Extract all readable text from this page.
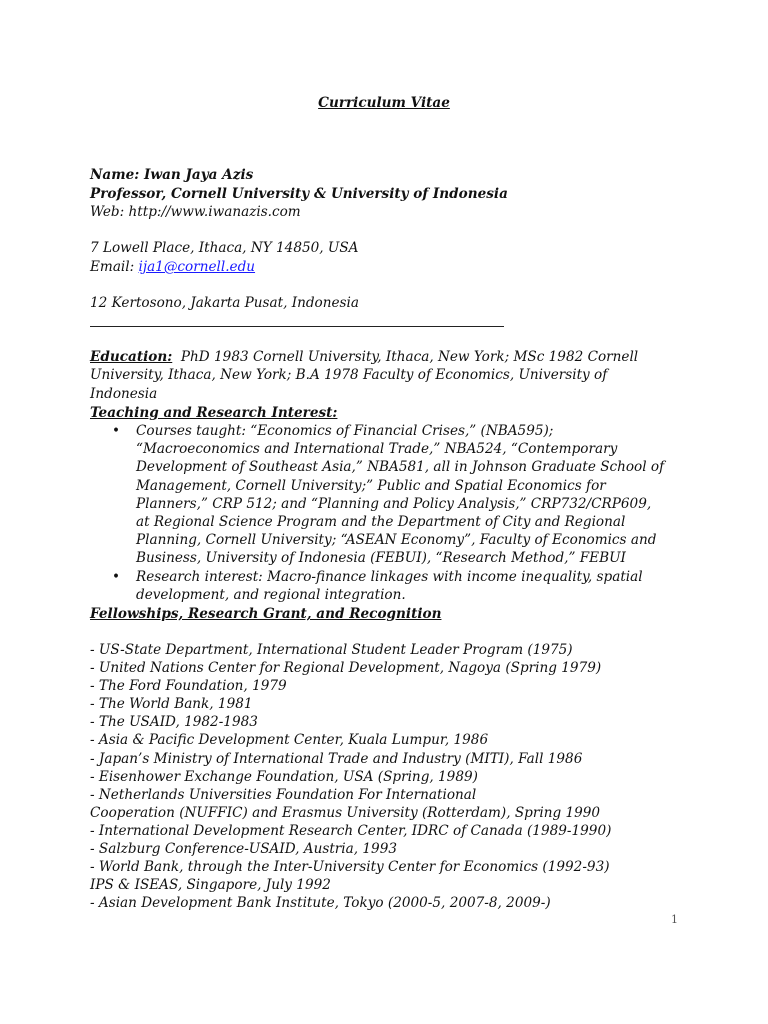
Curriculum Vitae
Name: Iwan Jaya Azis
Professor, Cornell University & University of Indonesia
Web: http://www.iwanazis.com
7 Lowell Place, Ithaca, NY 14850, USA
Email: ija1@cornell.edu
12 Kertosono, Jakarta Pusat, Indonesia
Education: PhD 1983 Cornell University, Ithaca, New York; MSc 1982 Cornell University, Ithaca, New York; B.A 1978 Faculty of Economics, University of Indonesia
Teaching and Research Interest:
• Courses taught: “Economics of Financial Crises,” (NBA595); “Macroeconomics and International Trade,” NBA524, “Contemporary Development of Southeast Asia,” NBA581, all in Johnson Graduate School of Management, Cornell University;” Public and Spatial Economics for Planners,” CRP 512; and “Planning and Policy Analysis,” CRP732/CRP609, at Regional Science Program and the Department of City and Regional Planning, Cornell University; “ASEAN Economy”, Faculty of Economics and Business, University of Indonesia (FEBUI), “Research Method,” FEBUI
• Research interest: Macro-finance linkages with income inequality, spatial development, and regional integration.
Fellowships, Research Grant, and Recognition
- US-State Department, International Student Leader Program (1975)
- United Nations Center for Regional Development, Nagoya (Spring 1979)
- The Ford Foundation, 1979
- The World Bank, 1981
- The USAID, 1982-1983
- Asia & Pacific Development Center, Kuala Lumpur, 1986
- Japan’s Ministry of International Trade and Industry (MITI), Fall 1986
- Eisenhower Exchange Foundation, USA (Spring, 1989)
- Netherlands Universities Foundation For International
Cooperation (NUFFIC) and Erasmus University (Rotterdam), Spring 1990
- International Development Research Center, IDRC of Canada (1989-1990)
- Salzburg Conference-USAID, Austria, 1993
- World Bank, through the Inter-University Center for Economics (1992-93)
IPS & ISEAS, Singapore, July 1992
- Asian Development Bank Institute, Tokyo (2000-5, 2007-8, 2009-)
1
